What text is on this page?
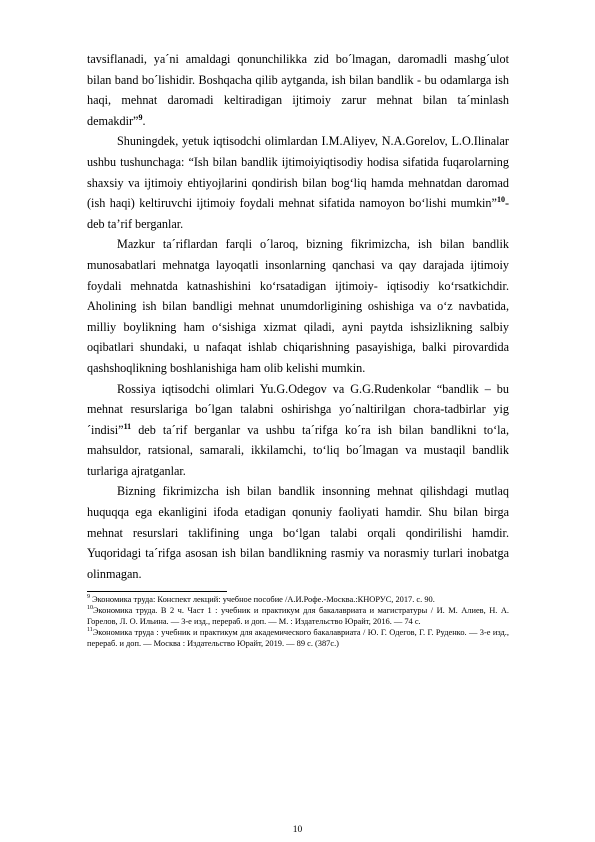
tavsiflanadi, ya´ni amaldagi qonunchilikka zid bo´lmagan, daromadli mashg´ulot bilan band bo´lishidir. Boshqacha qilib aytganda, ish bilan bandlik - bu odamlarga ish haqi, mehnat daromadi keltiradigan ijtimoiy zarur mehnat bilan ta´minlash demakdir”$^9$.

Shuningdek, yetuk iqtisodchi olimlardan I.M.Aliyev, N.A.Gorelov, L.O.Ilinalar ushbu tushunchaga: “Ish bilan bandlik ijtimoiyiqtisodiy hodisa sifatida fuqarolarning shaxsiy va ijtimoiy ehtiyojlarini qondirish bilan bog‘liq hamda mehnatdan daromad (ish haqi) keltiruvchi ijtimoiy foydali mehnat sifatida namoyon bo‘lishi mumkin”$^{10}$- deb ta’rif berganlar.

Mazkur ta´riflardan farqli o´laroq, bizning fikrimizcha, ish bilan bandlik munosabatlari mehnatga layoqatli insonlarning qanchasi va qay darajada ijtimoiy foydali mehnatda katnashishini ko‘rsatadigan ijtimoiy- iqtisodiy ko‘rsatkichdir. Aholining ish bilan bandligi mehnat unumdorligining oshishiga va o‘z navbatida, milliy boylikning ham o‘sishiga xizmat qiladi, ayni paytda ishsizlikning salbiy oqibatlari shundaki, u nafaqat ishlab chiqarishning pasayishiga, balki pirovardida qashshoqlikning boshlanishiga ham olib kelishi mumkin.

Rossiya iqtisodchi olimlari Yu.G.Odegov va G.G.Rudenkolar “bandlik – bu mehnat resurslariga bo´lgan talabni oshirishga yo´naltirilgan chora-tadbirlar yig´indisi”$^{11}$ deb ta´rif berganlar va ushbu ta´rifga ko´ra ish bilan bandlikni to‘la, mahsuldor, ratsional, samarali, ikkilamchi, to‘liq bo´lmagan va mustaqil bandlik turlariga ajratganlar.

Bizning fikrimizcha ish bilan bandlik insonning mehnat qilishdagi mutlaq huquqqa ega ekanligini ifoda etadigan qonuniy faoliyati hamdir. Shu bilan birga mehnat resurslari taklifining unga bo‘lgan talabi orqali qondirilishi hamdir. Yuqoridagi ta´rifga asosan ish bilan bandlikning rasmiy va norasmiy turlari inobatga olinmagan.

$^9$ Экономика труда: Конспект лекций: учебное пособие /А.И.Рофе.-Москва.:КНОРУС, 2017. с. 90.

$^{10}$Экономика труда. В 2 ч. Част 1 : учебник и практикум для бакалавриата и магистратуры / И. М. Алиев, Н. А. Горелов, Л. О. Ильина. — 3-е изд., перераб. и доп. — М. : Издательство Юрайт, 2016. — 74 с.

$^{11}$Экономика труда : учебник и практикум для академического бакалавриата / Ю. Г. Одегов, Г. Г. Руденко. — 3-е изд., перераб. и доп. — Москва : Издательство Юрайт, 2019. — 89 с. (387с.)

10
